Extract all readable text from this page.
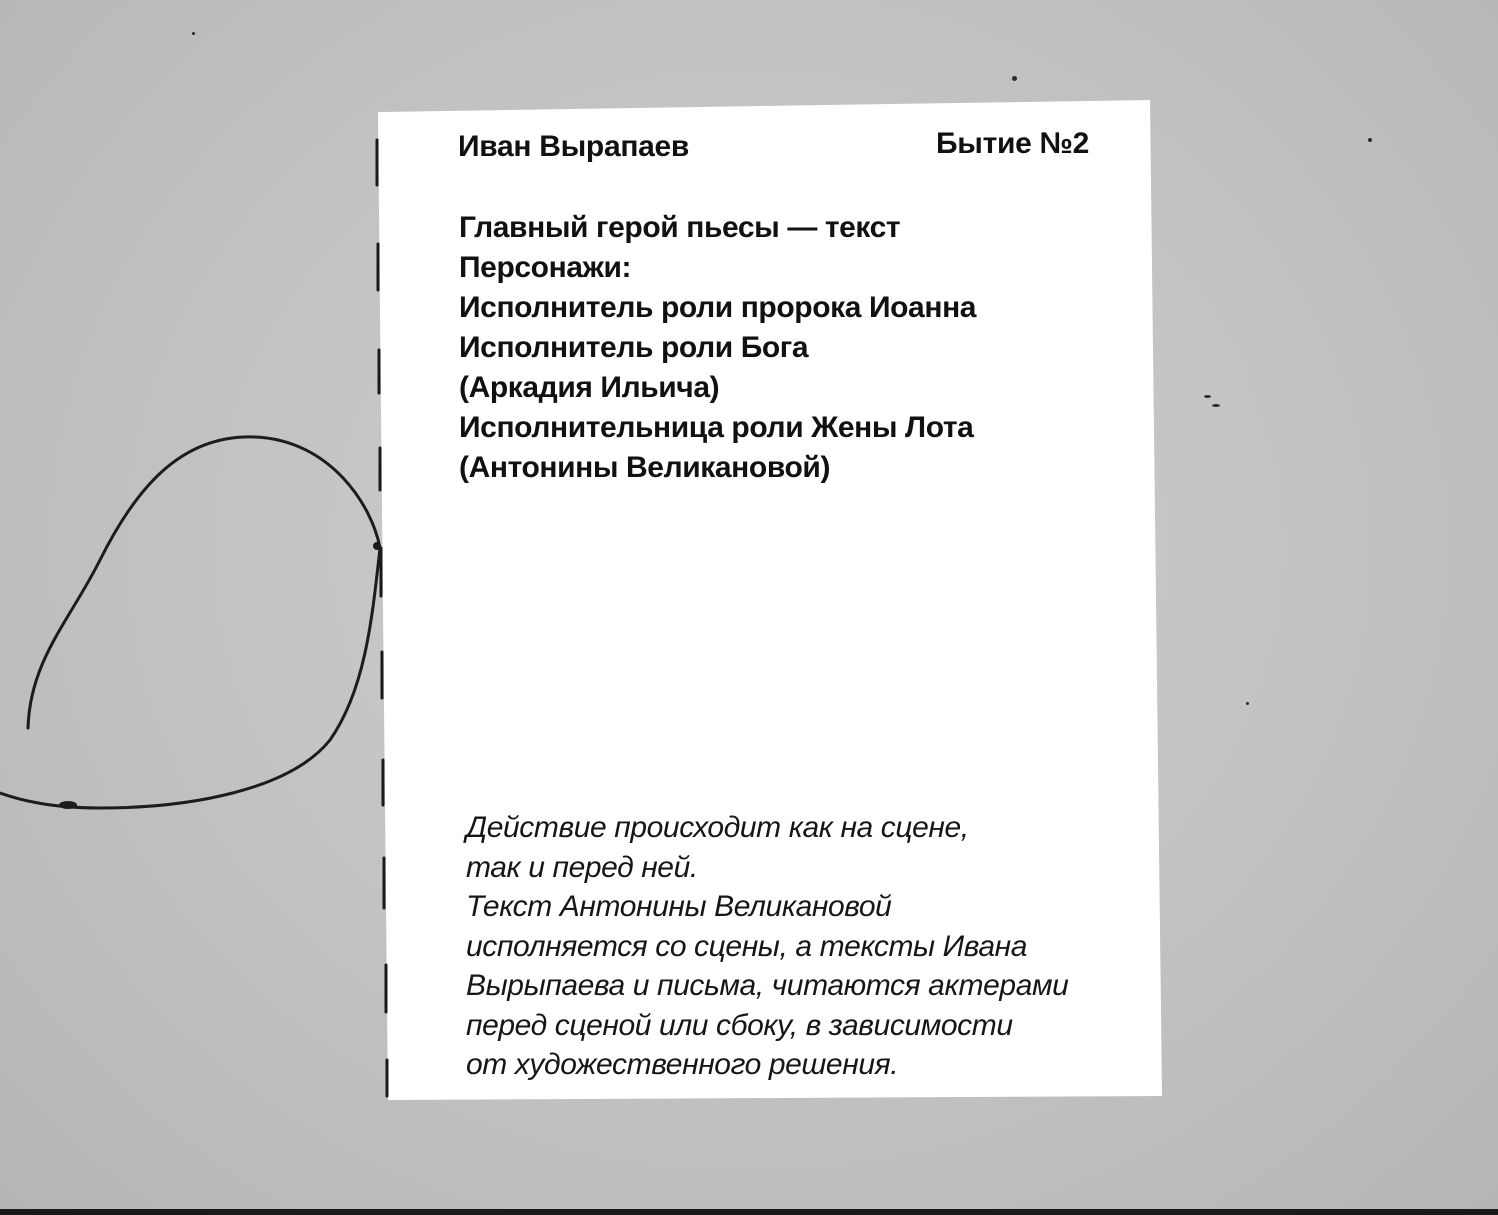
Иван Вырапаев	Бытие №2
Главный герой пьесы — текст
Персонажи:
Исполнитель роли пророка Иоанна
Исполнитель роли Бога
(Аркадия Ильича)
Исполнительница роли Жены Лота
(Антонины Великановой)
Действие происходит как на сцене,
так и перед ней.
Текст Антонины Великановой
исполняется со сцены, а тексты Ивана
Вырыпаева и письма, читаются актерами
перед сценой или сбоку, в зависимости
от художественного решения.
